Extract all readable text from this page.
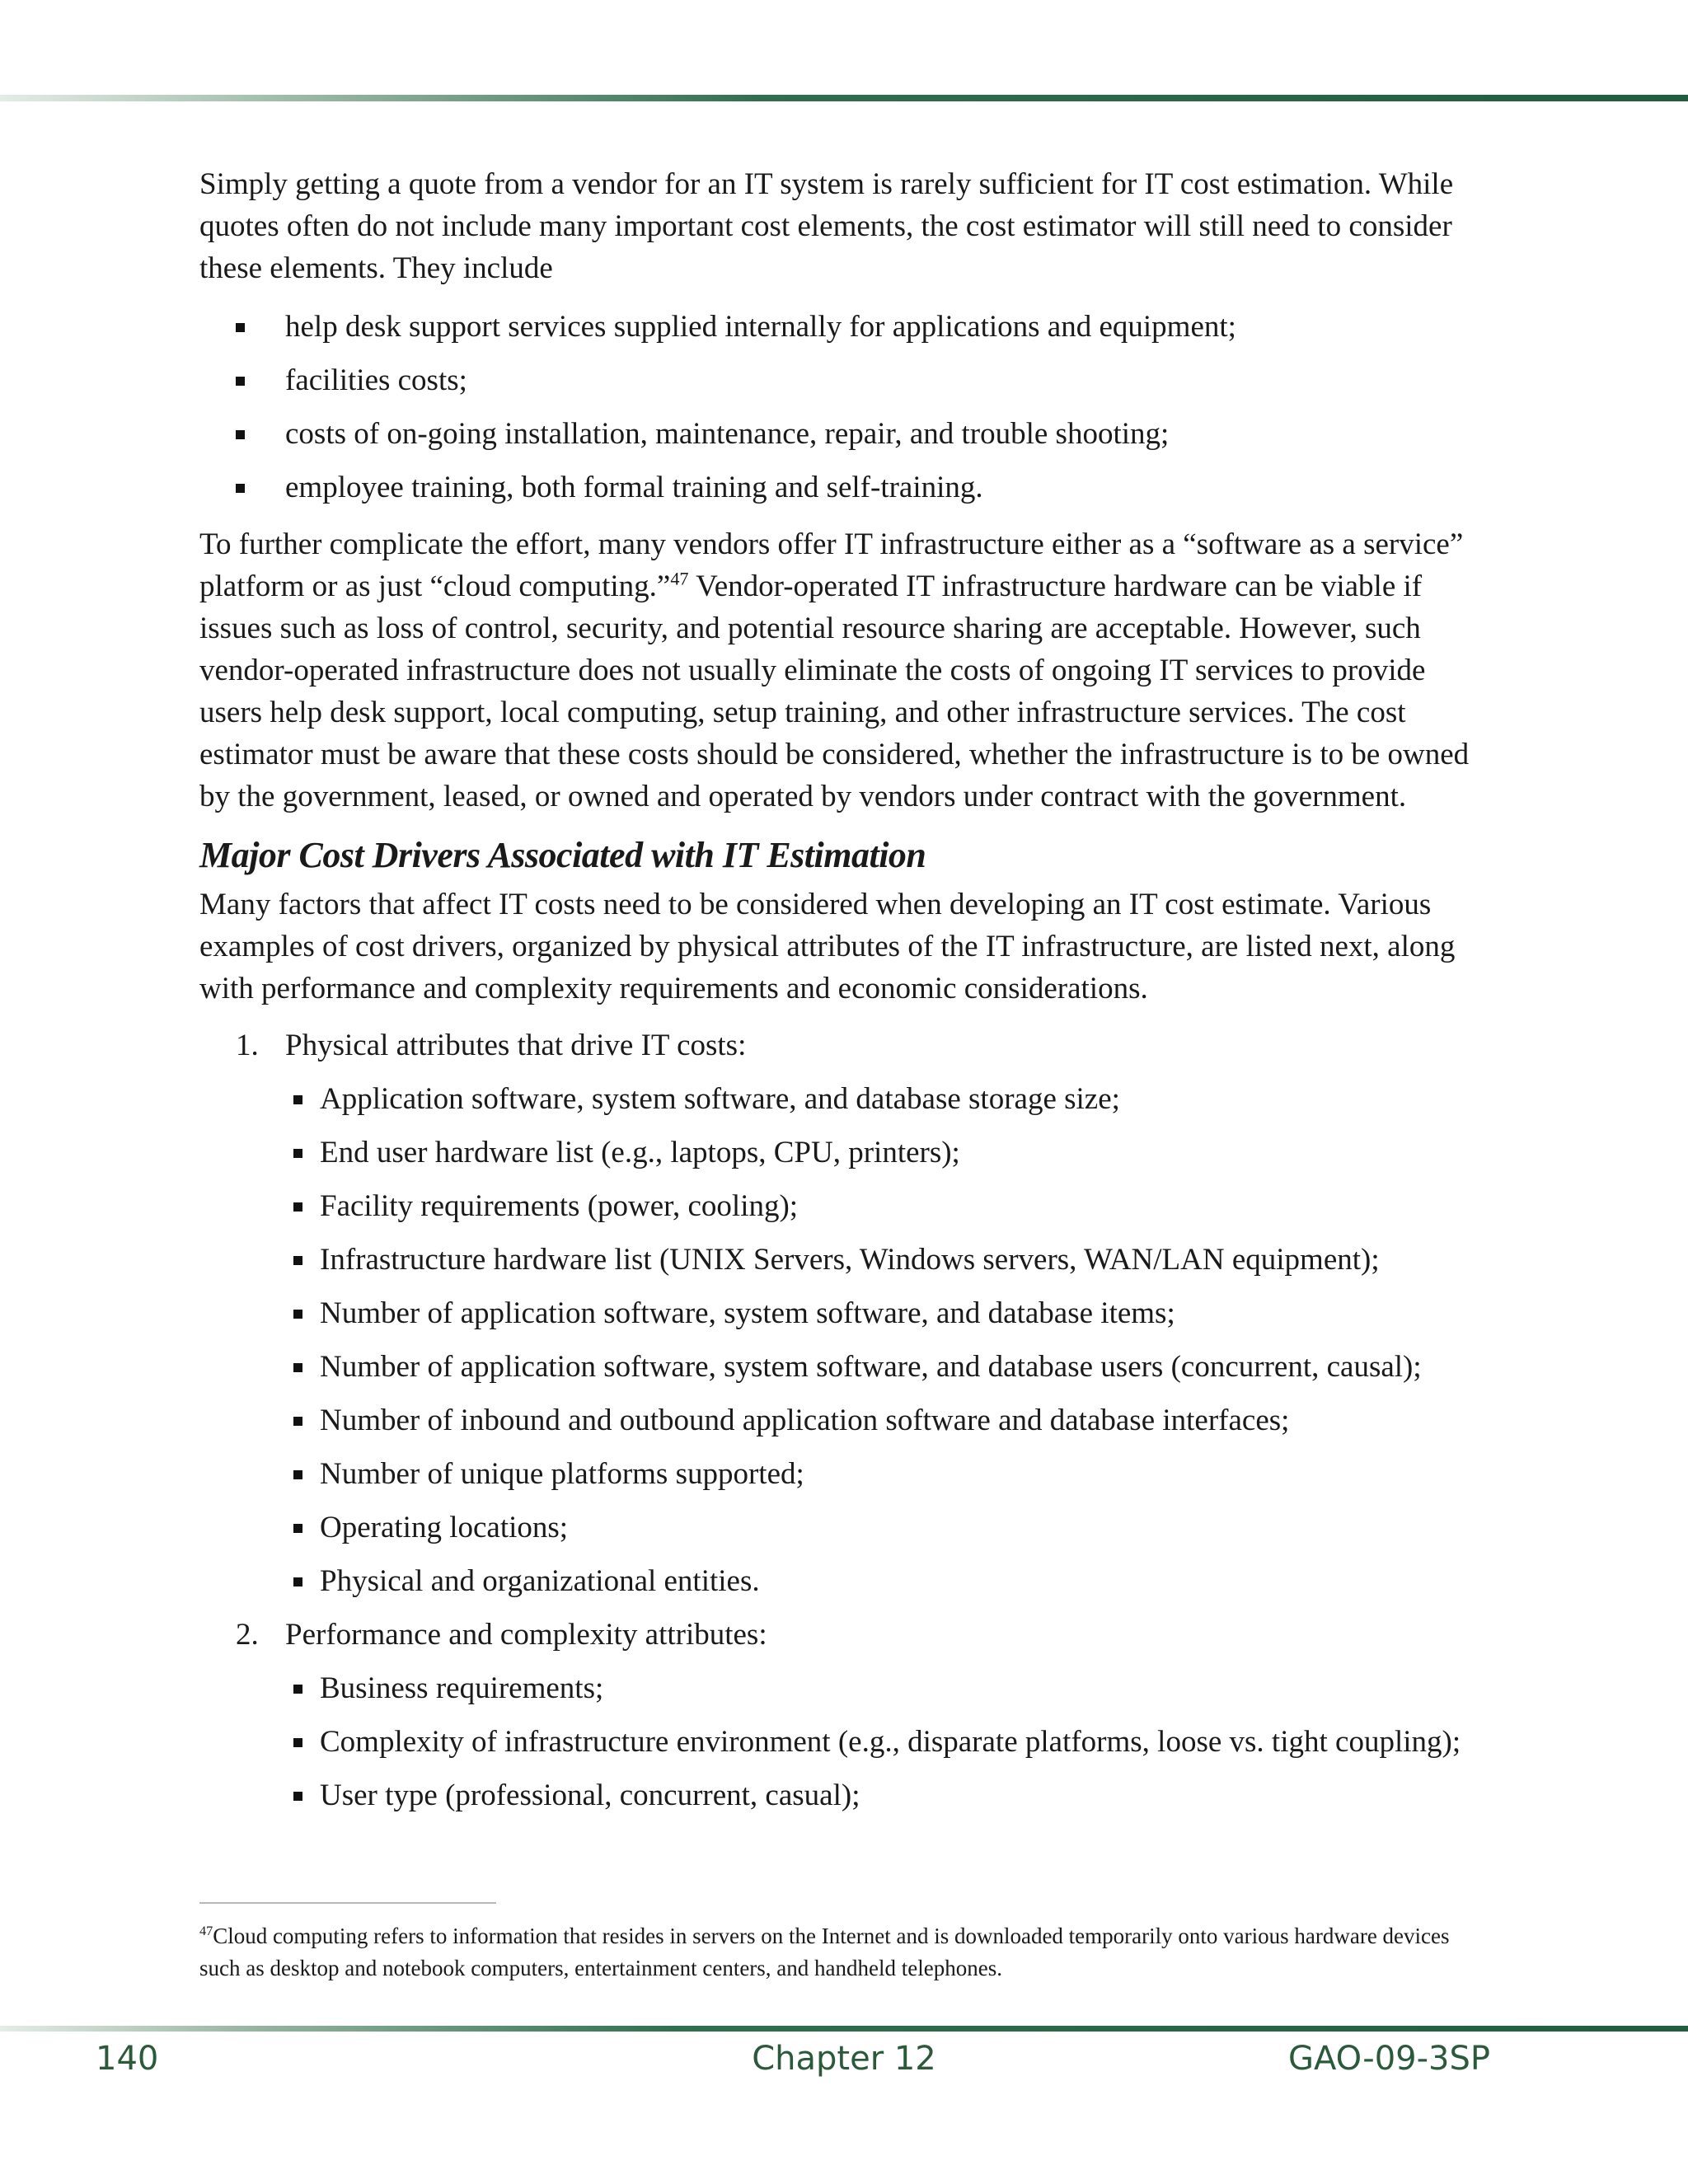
Simply getting a quote from a vendor for an IT system is rarely sufficient for IT cost estimation. While quotes often do not include many important cost elements, the cost estimator will still need to consider these elements. They include

help desk support services supplied internally for applications and equipment;
facilities costs;
costs of on-going installation, maintenance, repair, and trouble shooting;
employee training, both formal training and self-training.

To further complicate the effort, many vendors offer IT infrastructure either as a “software as a service” platform or as just “cloud computing.”$^{47}$ Vendor-operated IT infrastructure hardware can be viable if issues such as loss of control, security, and potential resource sharing are acceptable. However, such vendor-operated infrastructure does not usually eliminate the costs of ongoing IT services to provide users help desk support, local computing, setup training, and other infrastructure services. The cost estimator must be aware that these costs should be considered, whether the infrastructure is to be owned by the government, leased, or owned and operated by vendors under contract with the government.

Major Cost Drivers Associated with IT Estimation

Many factors that affect IT costs need to be considered when developing an IT cost estimate. Various examples of cost drivers, organized by physical attributes of the IT infrastructure, are listed next, along with performance and complexity requirements and economic considerations.

1. Physical attributes that drive IT costs:
Application software, system software, and database storage size;
End user hardware list (e.g., laptops, CPU, printers);
Facility requirements (power, cooling);
Infrastructure hardware list (UNIX Servers, Windows servers, WAN/LAN equipment);
Number of application software, system software, and database items;
Number of application software, system software, and database users (concurrent, causal);
Number of inbound and outbound application software and database interfaces;
Number of unique platforms supported;
Operating locations;
Physical and organizational entities.
2. Performance and complexity attributes:
Business requirements;
Complexity of infrastructure environment (e.g., disparate platforms, loose vs. tight coupling);
User type (professional, concurrent, casual);
$^{47}$Cloud computing refers to information that resides in servers on the Internet and is downloaded temporarily onto various hardware devices such as desktop and notebook computers, entertainment centers, and handheld telephones.
Chapter 12
140	GAO-09-3SP
